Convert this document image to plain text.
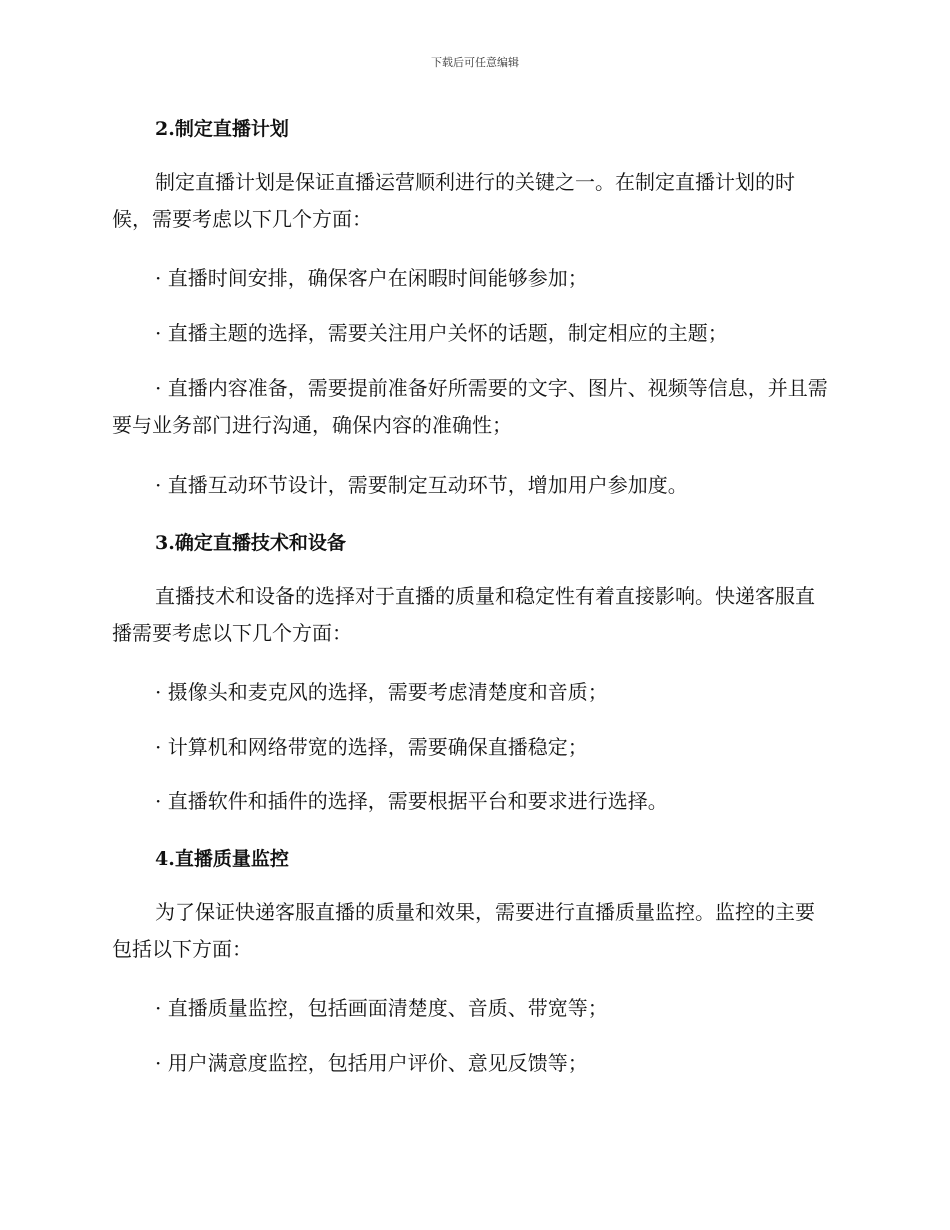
下载后可任意编辑

2.制定直播计划

制定直播计划是保证直播运营顺利进行的关键之一。在制定直播计划的时候，需要考虑以下几个方面：

· 直播时间安排，确保客户在闲暇时间能够参加；

· 直播主题的选择，需要关注用户关怀的话题，制定相应的主题；

· 直播内容准备，需要提前准备好所需要的文字、图片、视频等信息，并且需要与业务部门进行沟通，确保内容的准确性；

· 直播互动环节设计，需要制定互动环节，增加用户参加度。

3.确定直播技术和设备

直播技术和设备的选择对于直播的质量和稳定性有着直接影响。快递客服直播需要考虑以下几个方面：

· 摄像头和麦克风的选择，需要考虑清楚度和音质；

· 计算机和网络带宽的选择，需要确保直播稳定；

· 直播软件和插件的选择，需要根据平台和要求进行选择。

4.直播质量监控

为了保证快递客服直播的质量和效果，需要进行直播质量监控。监控的主要包括以下方面：

· 直播质量监控，包括画面清楚度、音质、带宽等；

· 用户满意度监控，包括用户评价、意见反馈等；
